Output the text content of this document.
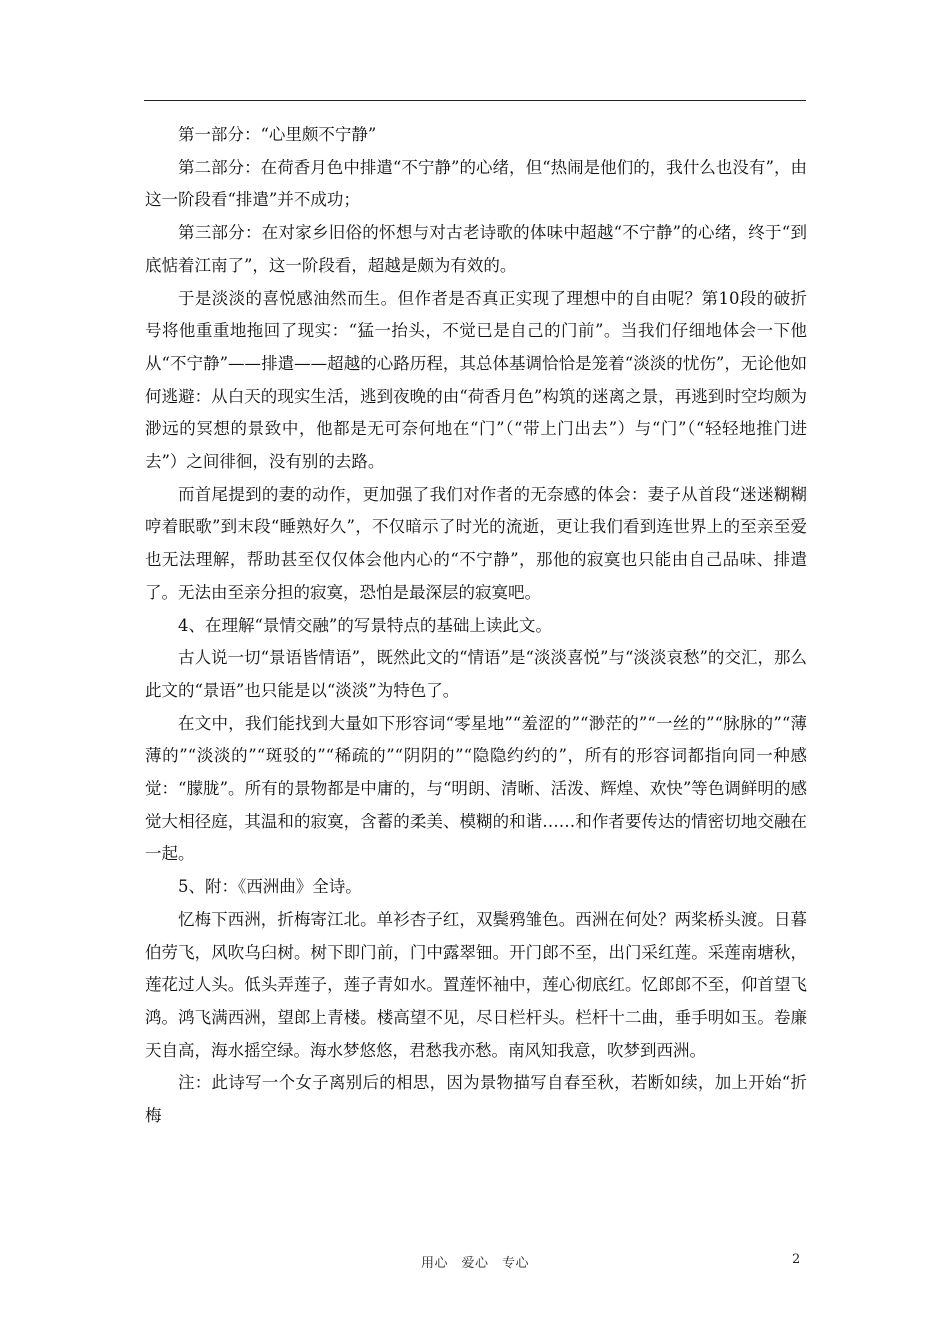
第一部分：“心里颇不宁静”

第二部分：在荷香月色中排遣“不宁静”的心绪，但“热闹是他们的，我什么也没有”，由这一阶段看“排遣”并不成功；

第三部分：在对家乡旧俗的怀想与对古老诗歌的体味中超越“不宁静”的心绪，终于“到底惦着江南了”，这一阶段看，超越是颇为有效的。

于是淡淡的喜悦感油然而生。但作者是否真正实现了理想中的自由呢？第10段的破折号将他重重地拖回了现实：“猛一抬头，不觉已是自己的门前”。当我们仔细地体会一下他从“不宁静”——排遣——超越的心路历程，其总体基调恰恰是笼着“淡淡的忧伤”，无论他如何逃避：从白天的现实生活，逃到夜晚的由“荷香月色”构筑的迷离之景，再逃到时空均颇为渺远的冥想的景致中，他都是无可奈何地在“门”（“带上门出去”）与“门”（“轻轻地推门进去”）之间徘徊，没有别的去路。

而首尾提到的妻的动作，更加强了我们对作者的无奈感的体会：妻子从首段“迷迷糊糊哼着眠歌”到末段“睡熟好久”，不仅暗示了时光的流逝，更让我们看到连世界上的至亲至爱也无法理解，帮助甚至仅仅体会他内心的“不宁静”，那他的寂寞也只能由自己品味、排遣了。无法由至亲分担的寂寞，恐怕是最深层的寂寞吧。

4、在理解“景情交融”的写景特点的基础上读此文。

古人说一切“景语皆情语”，既然此文的“情语”是“淡淡喜悦”与“淡淡哀愁”的交汇，那么此文的“景语”也只能是以“淡淡”为特色了。

在文中，我们能找到大量如下形容词“零星地”“羞涩的”“渺茫的”“一丝的”“脉脉的”“薄薄的”“淡淡的”“斑驳的”“稀疏的”“阴阴的”“隐隐约约的”，所有的形容词都指向同一种感觉：“朦胧”。所有的景物都是中庸的，与“明朗、清晰、活泼、辉煌、欢快”等色调鲜明的感觉大相径庭，其温和的寂寞，含蓄的柔美、模糊的和谐……和作者要传达的情密切地交融在一起。

5、附：《西洲曲》全诗。

忆梅下西洲，折梅寄江北。单衫杏子红，双鬓鸦雏色。西洲在何处？两桨桥头渡。日暮伯劳飞，风吹乌臼树。树下即门前，门中露翠钿。开门郎不至，出门采红莲。采莲南塘秋，莲花过人头。低头弄莲子，莲子青如水。置莲怀袖中，莲心彻底红。忆郎郎不至，仰首望飞鸿。鸿飞满西洲，望郎上青楼。楼高望不见，尽日栏杆头。栏杆十二曲，垂手明如玉。卷廉天自高，海水摇空绿。海水梦悠悠，君愁我亦愁。南风知我意，吹梦到西洲。

注：此诗写一个女子离别后的相思，因为景物描写自春至秋，若断如续，加上开始“折梅

用心　爱心　专心	2
